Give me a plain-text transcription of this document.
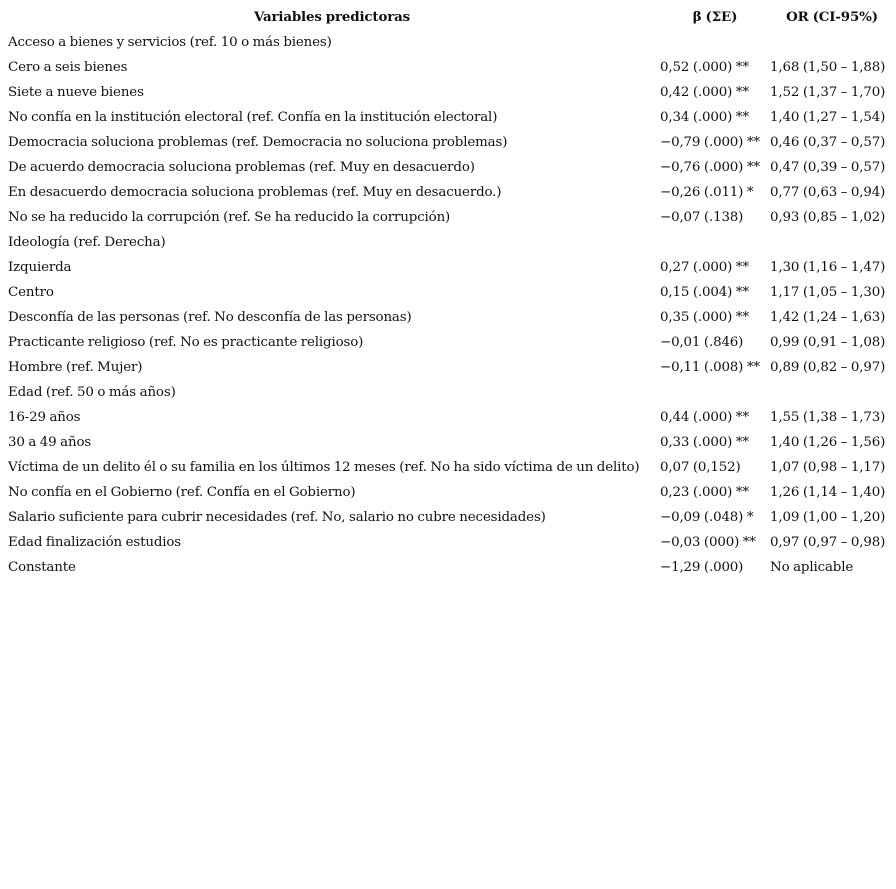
Variables predictoras	β (ΣE)	OR (CI-95%)
Acceso a bienes y servicios (ref. 10 o más bienes)		
Cero a seis bienes	0,52 (.000) **	1,68 (1,50 – 1,88)
Siete a nueve bienes	0,42 (.000) **	1,52 (1,37 – 1,70)
No confía en la institución electoral (ref. Confía en la institución electoral)	0,34 (.000) **	1,40 (1,27 – 1,54)
Democracia soluciona problemas (ref. Democracia no soluciona problemas)	−0,79 (.000) **	0,46 (0,37 – 0,57)
De acuerdo democracia soluciona problemas (ref. Muy en desacuerdo)	−0,76 (.000) **	0,47 (0,39 – 0,57)
En desacuerdo democracia soluciona problemas (ref. Muy en desacuerdo.)	−0,26 (.011) *	0,77 (0,63 – 0,94)
No se ha reducido la corrupción (ref. Se ha reducido la corrupción)	−0,07 (.138)	0,93 (0,85 – 1,02)
Ideología (ref. Derecha)		
Izquierda	0,27 (.000) **	1,30 (1,16 – 1,47)
Centro	0,15 (.004) **	1,17 (1,05 – 1,30)
Desconfía de las personas (ref. No desconfía de las personas)	0,35 (.000) **	1,42 (1,24 – 1,63)
Practicante religioso (ref. No es practicante religioso)	−0,01 (.846)	0,99 (0,91 – 1,08)
Hombre (ref. Mujer)	−0,11 (.008) **	0,89 (0,82 – 0,97)
Edad (ref. 50 o más años)		
16-29 años	0,44 (.000) **	1,55 (1,38 – 1,73)
30 a 49 años	0,33 (.000) **	1,40 (1,26 – 1,56)
Víctima de un delito él o su familia en los últimos 12 meses (ref. No ha sido víctima de un delito)	0,07 (0,152)	1,07 (0,98 – 1,17)
No confía en el Gobierno (ref. Confía en el Gobierno)	0,23 (.000) **	1,26 (1,14 – 1,40)
Salario suficiente para cubrir necesidades (ref. No, salario no cubre necesidades)	−0,09 (.048) *	1,09 (1,00 – 1,20)
Edad finalización estudios	−0,03 (000) **	0,97 (0,97 – 0,98)
Constante	−1,29 (.000)	No aplicable
